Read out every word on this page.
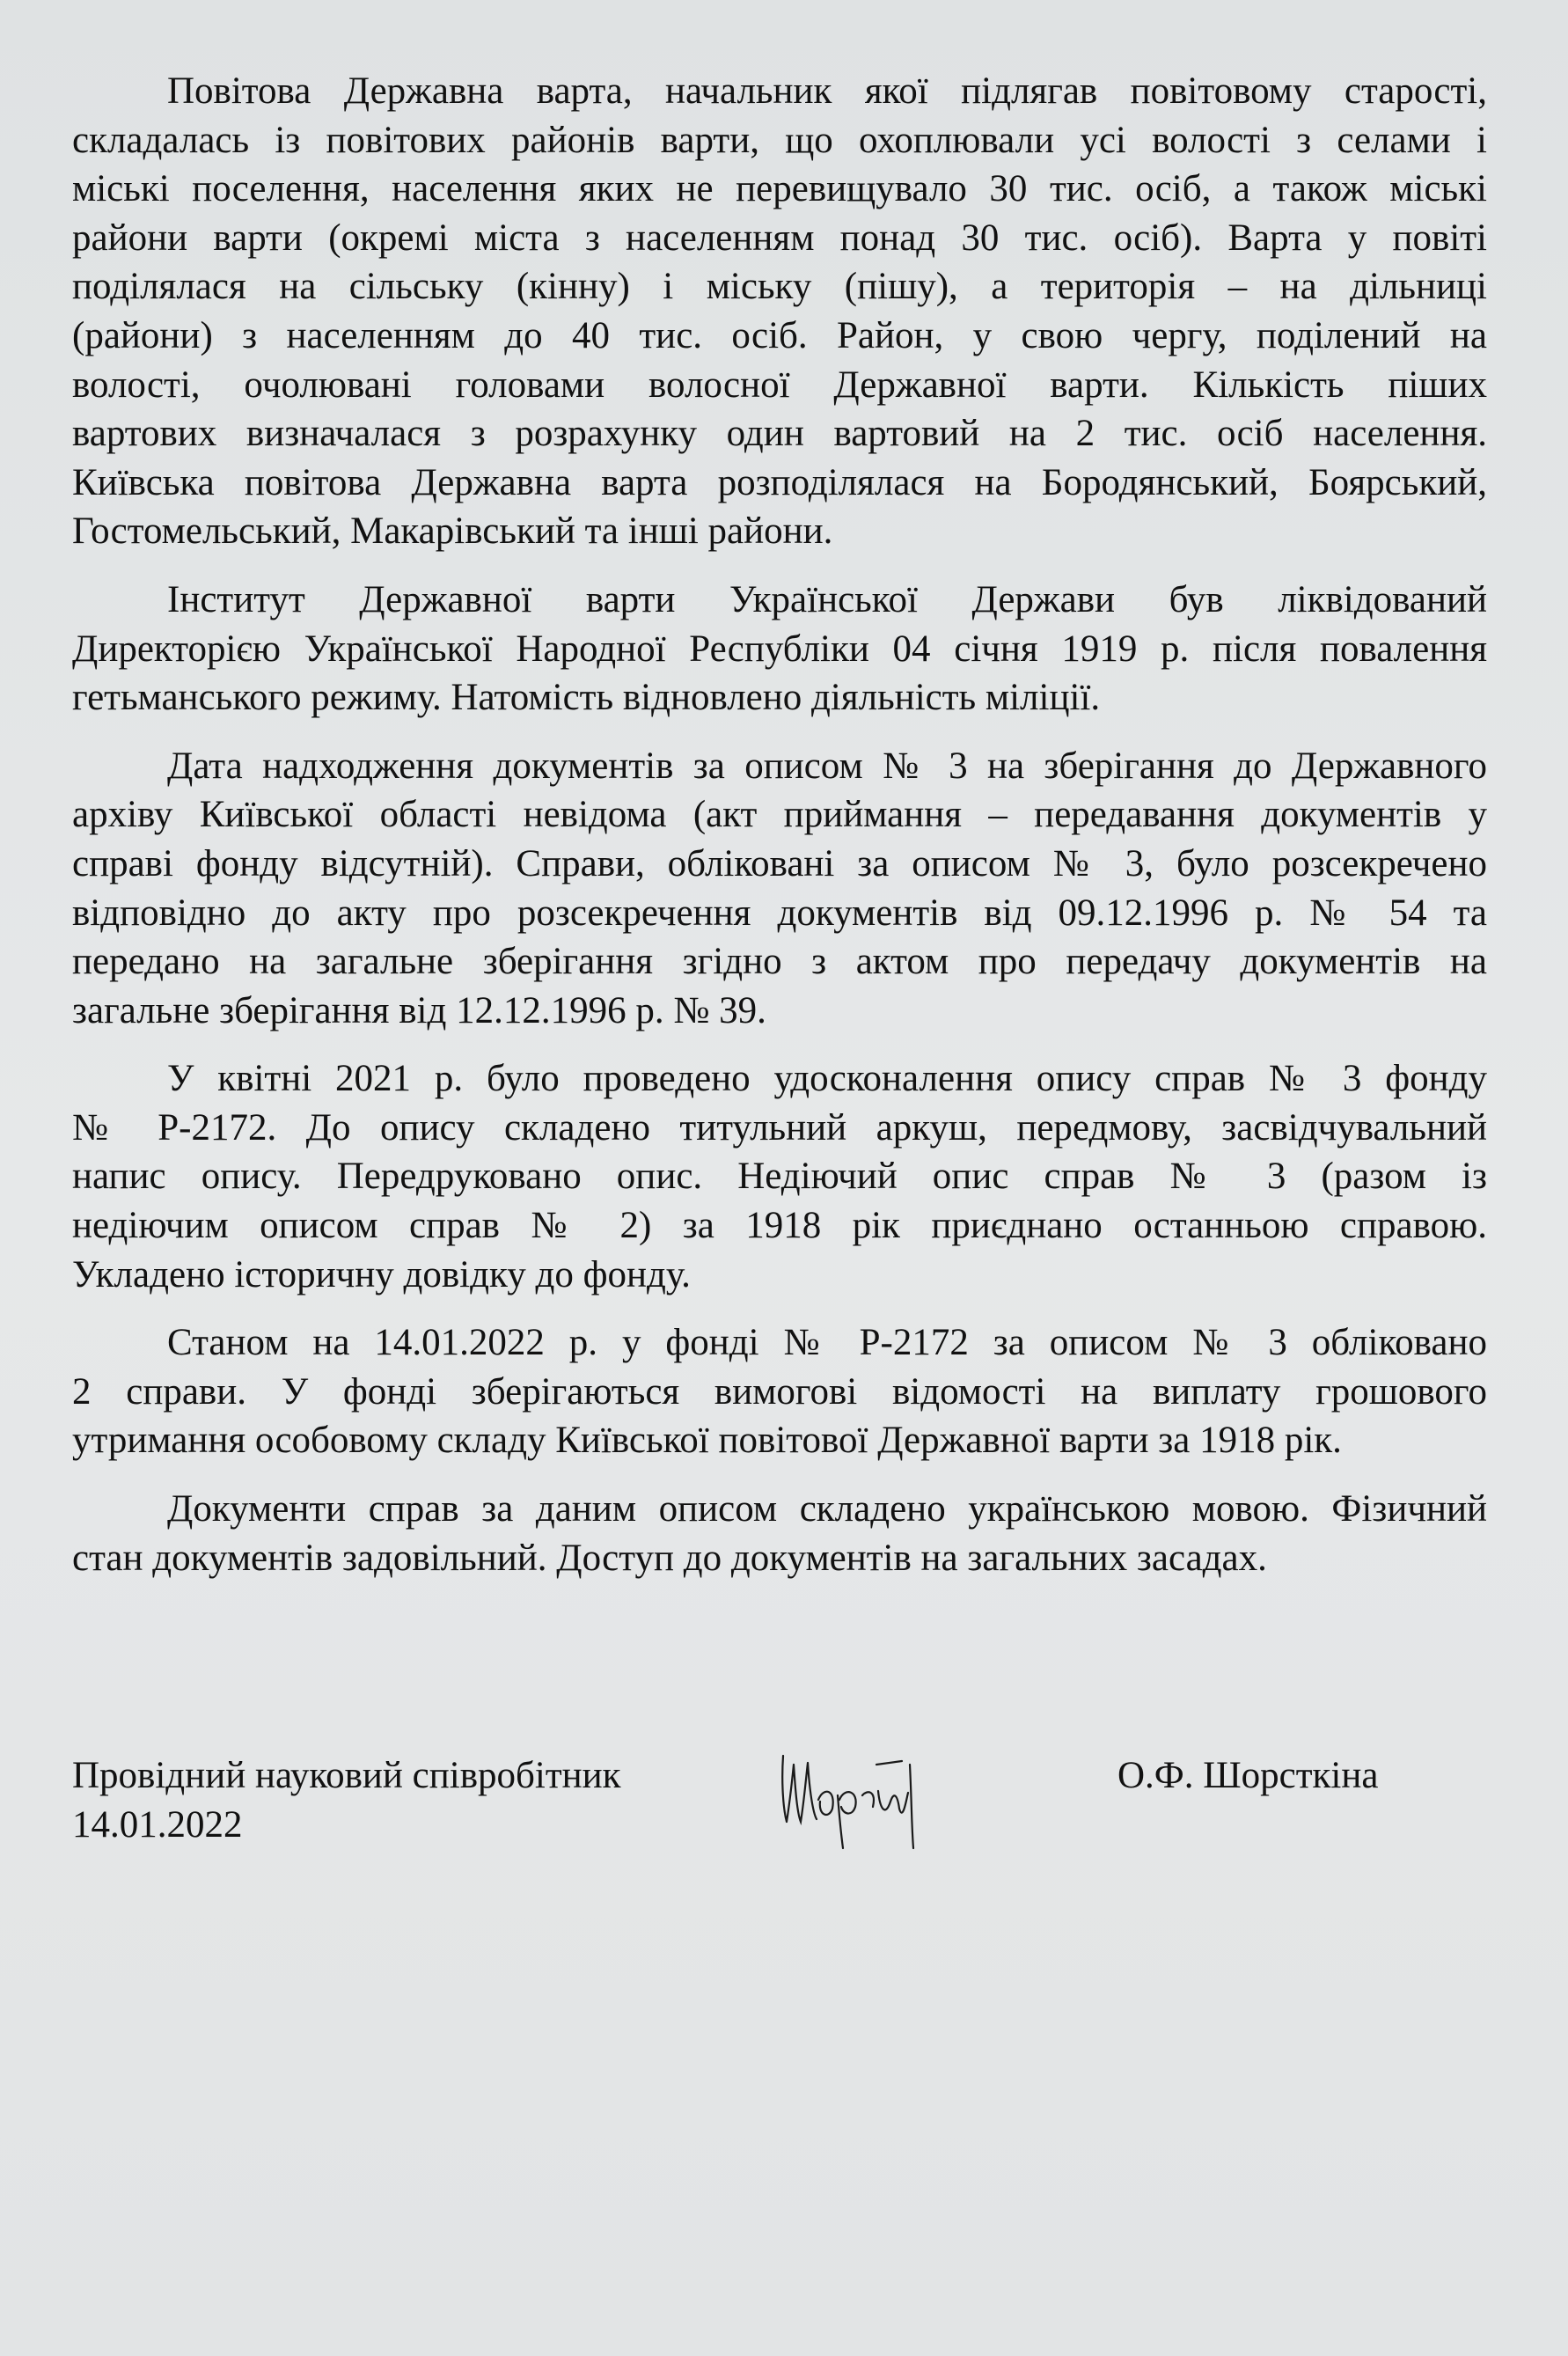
Повітова Державна варта, начальник якої підлягав повітовому старості,
складалась із повітових районів варти, що охоплювали усі волості з селами і
міські поселення, населення яких не перевищувало 30 тис. осіб, а також міські
райони варти (окремі міста з населенням понад 30 тис. осіб). Варта у повіті
поділялася на сільську (кінну) і міську (пішу), а територія – на дільниці
(райони) з населенням до 40 тис. осіб. Район, у свою чергу, поділений на
волості, очолювані головами волосної Державної варти. Кількість піших
вартових визначалася з розрахунку один вартовий на 2 тис. осіб населення.
Київська повітова Державна варта розподілялася на Бородянський, Боярський,
Гостомельський, Макарівський та інші райони.
Інститут Державної варти Української Держави був ліквідований
Директорією Української Народної Республіки 04 січня 1919 р. після повалення
гетьманського режиму. Натомість відновлено діяльність міліції.
Дата надходження документів за описом № 3 на зберігання до Державного
архіву Київської області невідома (акт приймання – передавання документів у
справі фонду відсутній). Справи, обліковані за описом № 3, було розсекречено
відповідно до акту про розсекречення документів від 09.12.1996 р. № 54 та
передано на загальне зберігання згідно з актом про передачу документів на
загальне зберігання від 12.12.1996 р. № 39.
У квітні 2021 р. було проведено удосконалення опису справ № 3 фонду
№ Р-2172. До опису складено титульний аркуш, передмову, засвідчувальний
напис опису. Передруковано опис. Недіючий опис справ № 3 (разом із
недіючим описом справ № 2) за 1918 рік приєднано останньою справою.
Укладено історичну довідку до фонду.
Станом на 14.01.2022 р. у фонді № Р-2172 за описом № 3 обліковано
2 справи. У фонді зберігаються вимогові відомості на виплату грошового
утримання особовому складу Київської повітової Державної варти за 1918 рік.
Документи справ за даним описом складено українською мовою. Фізичний
стан документів задовільний. Доступ до документів на загальних засадах.
Провідний науковий співробітник
14.01.2022
О.Ф. Шорсткіна
